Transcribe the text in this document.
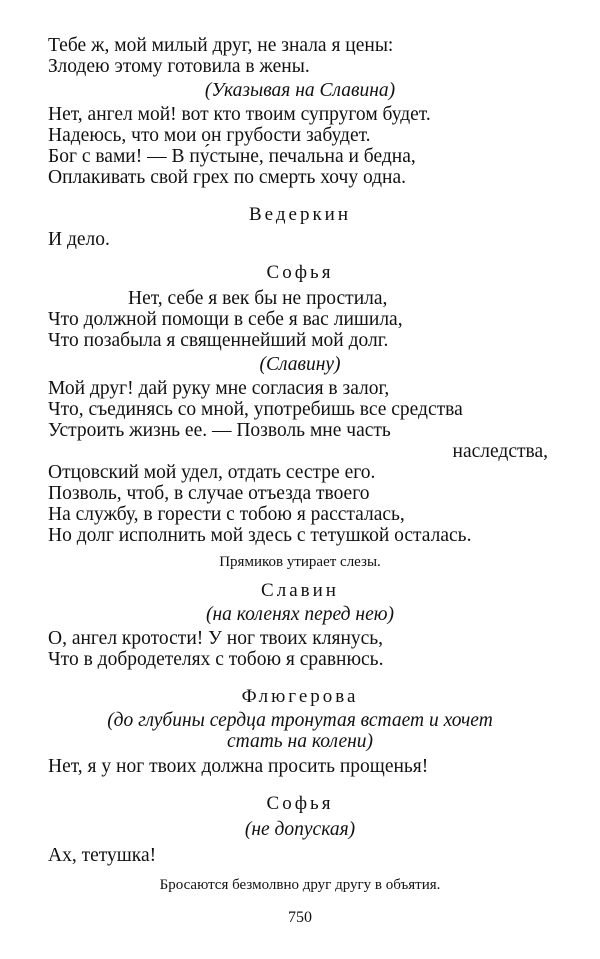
Тебе ж, мой милый друг, не знала я цены:
Злодею этому готовила в жены.
(Указывая на Славина)
Нет, ангел мой! вот кто твоим супругом будет.
Надеюсь, что мои он грубости забудет.
Бог с вами! — В пу́стыне, печальна и бедна,
Оплакивать свой грех по смерть хочу одна.
Ведеркин
И дело.
Софья
Нет, себе я век бы не простила,
Что должной помощи в себе я вас лишила,
Что позабыла я священнейший мой долг.
(Славину)
Мой друг! дай руку мне согласия в залог,
Что, съединясь со мной, употребишь все средства
Устроить жизнь ее. — Позволь мне часть
наследства,
Отцовский мой удел, отдать сестре его.
Позволь, чтоб, в случае отъезда твоего
На службу, в горести с тобою я рассталась,
Но долг исполнить мой здесь с тетушкой осталась.
Прямиков утирает слезы.
Славин
(на коленях перед нею)
О, ангел кротости! У ног твоих клянусь,
Что в добродетелях с тобою я сравнюсь.
Флюгерова
(до глубины сердца тронутая встает и хочет
стать на колени)
Нет, я у ног твоих должна просить прощенья!
Софья
(не допуская)
Ах, тетушка!
Бросаются безмолвно друг другу в объятия.
750
